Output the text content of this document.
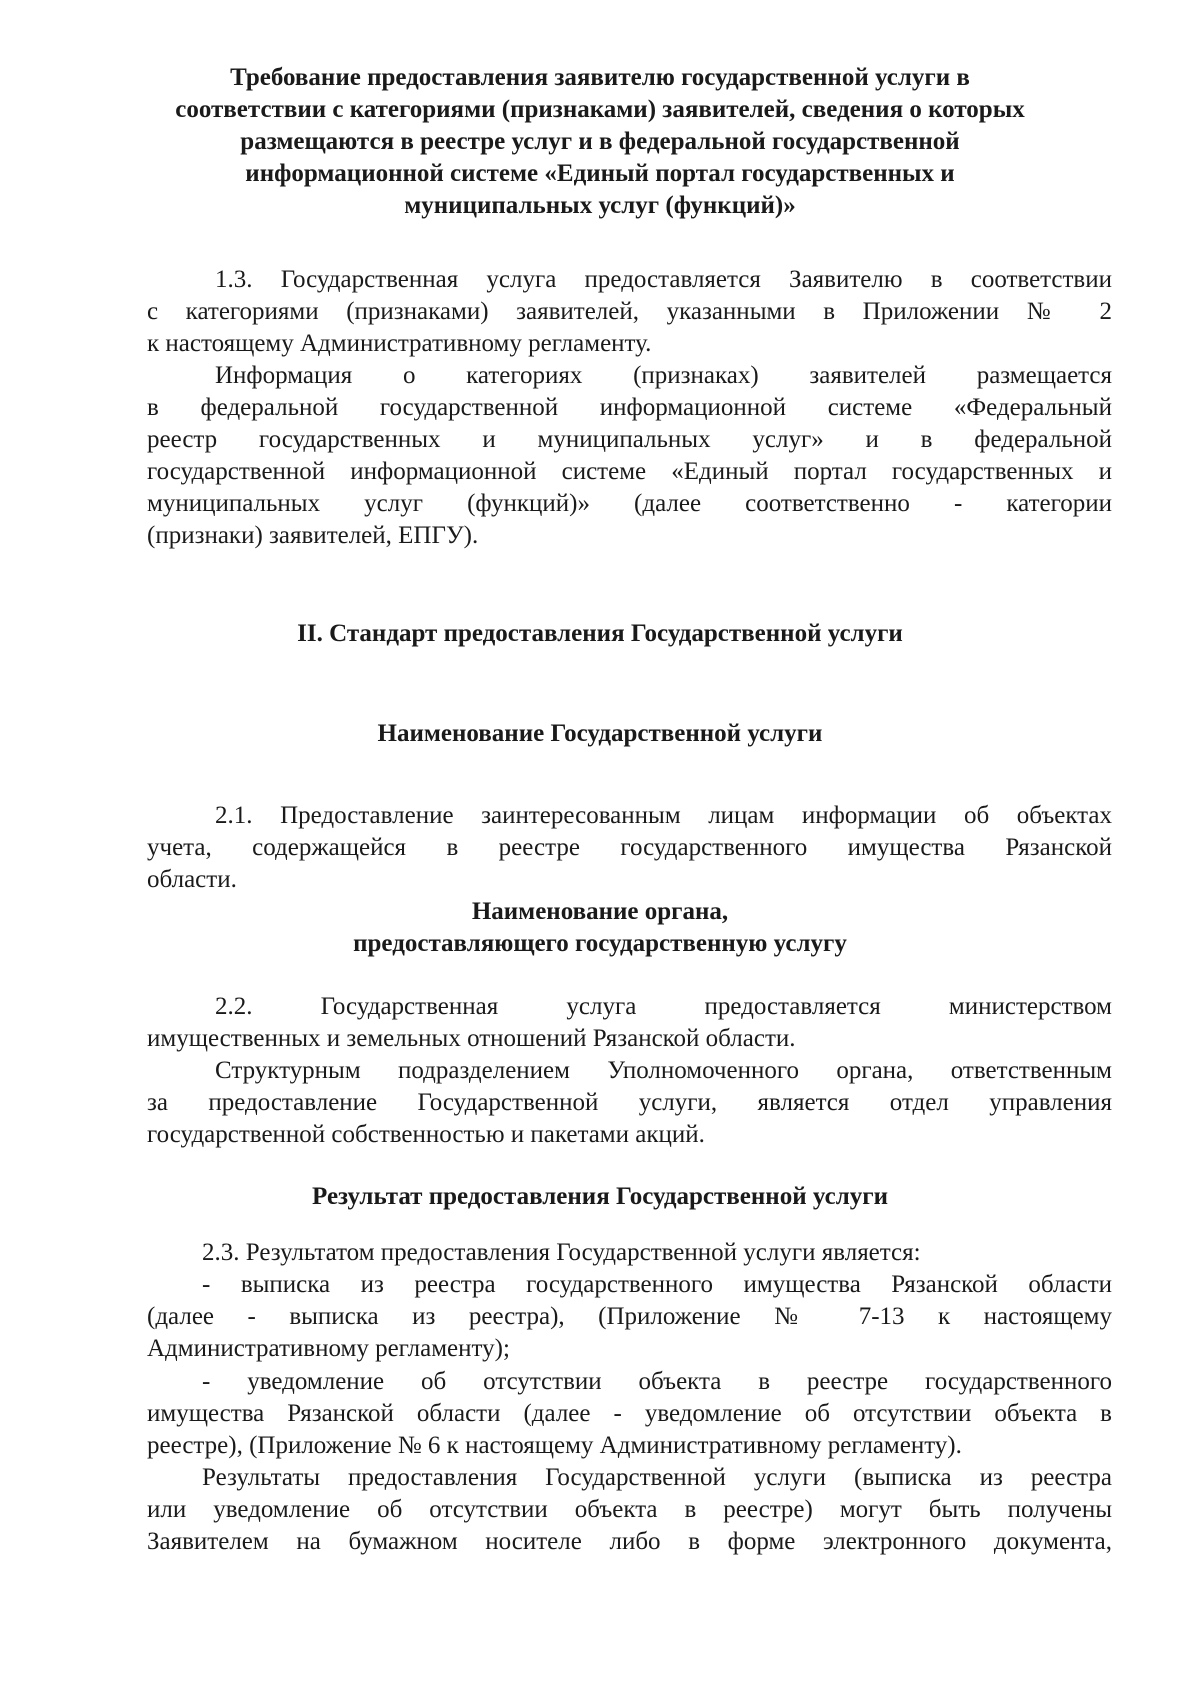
Требование предоставления заявителю государственной услуги в
соответствии с категориями (признаками) заявителей, сведения о которых
размещаются в реестре услуг и в федеральной государственной
информационной системе «Единый портал государственных и
муниципальных услуг (функций)»
1.3. Государственная услуга предоставляется Заявителю в соответствии
с категориями (признаками) заявителей, указанными в Приложении № 2
к настоящему Административному регламенту.
Информация о категориях (признаках) заявителей размещается
в федеральной государственной информационной системе «Федеральный
реестр государственных и муниципальных услуг» и в федеральной
государственной информационной системе «Единый портал государственных и
муниципальных услуг (функций)» (далее соответственно - категории
(признаки) заявителей, ЕПГУ).
II. Стандарт предоставления Государственной услуги
Наименование Государственной услуги
2.1. Предоставление заинтересованным лицам информации об объектах
учета, содержащейся в реестре государственного имущества Рязанской
области.
Наименование органа,
предоставляющего государственную услугу
2.2. Государственная услуга предоставляется министерством
имущественных и земельных отношений Рязанской области.
Структурным подразделением Уполномоченного органа, ответственным
за предоставление Государственной услуги, является отдел управления
государственной собственностью и пакетами акций.
Результат предоставления Государственной услуги
2.3. Результатом предоставления Государственной услуги является:
- выписка из реестра государственного имущества Рязанской области
(далее - выписка из реестра), (Приложение № 7-13 к настоящему
Административному регламенту);
- уведомление об отсутствии объекта в реестре государственного
имущества Рязанской области (далее - уведомление об отсутствии объекта в
реестре), (Приложение № 6 к настоящему Административному регламенту).
Результаты предоставления Государственной услуги (выписка из реестра
или уведомление об отсутствии объекта в реестре) могут быть получены
Заявителем на бумажном носителе либо в форме электронного документа,
